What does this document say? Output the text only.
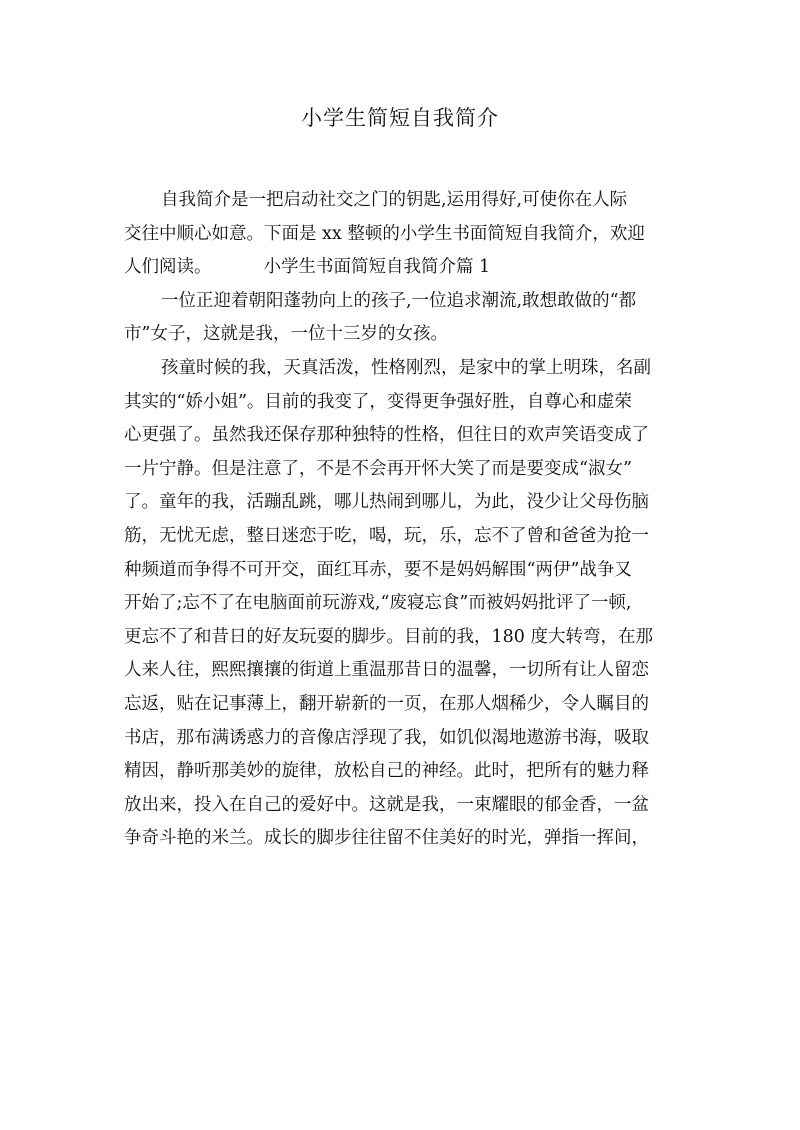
小学生简短自我简介

自我简介是一把启动社交之门的钥匙,运用得好,可使你在人际
交往中顺心如意。下面是 xx 整顿的小学生书面简短自我简介，欢迎
人们阅读。	小学生书面简短自我简介篇 1

一位正迎着朝阳蓬勃向上的孩子,一位追求潮流,敢想敢做的“都
市”女子，这就是我，一位十三岁的女孩。

孩童时候的我，天真活泼，性格刚烈，是家中的掌上明珠，名副
其实的“娇小姐”。目前的我变了，变得更争强好胜，自尊心和虚荣
心更强了。虽然我还保存那种独特的性格，但往日的欢声笑语变成了
一片宁静。但是注意了，不是不会再开怀大笑了而是要变成“淑女”
了。童年的我，活蹦乱跳，哪儿热闹到哪儿，为此，没少让父母伤脑
筋，无忧无虑，整日迷恋于吃，喝，玩，乐，忘不了曾和爸爸为抢一
种频道而争得不可开交，面红耳赤，要不是妈妈解围“两伊”战争又
开始了;忘不了在电脑面前玩游戏,“废寝忘食”而被妈妈批评了一顿,
更忘不了和昔日的好友玩耍的脚步。目前的我，180 度大转弯，在那
人来人往，熙熙攘攘的街道上重温那昔日的温馨，一切所有让人留恋
忘返，贴在记事薄上，翻开崭新的一页，在那人烟稀少，令人瞩目的
书店，那布满诱惑力的音像店浮现了我，如饥似渴地遨游书海，吸取
精因，静听那美妙的旋律，放松自己的神经。此时，把所有的魅力释
放出来，投入在自己的爱好中。这就是我，一束耀眼的郁金香，一盆
争奇斗艳的米兰。成长的脚步往往留不住美好的时光，弹指一挥间，
